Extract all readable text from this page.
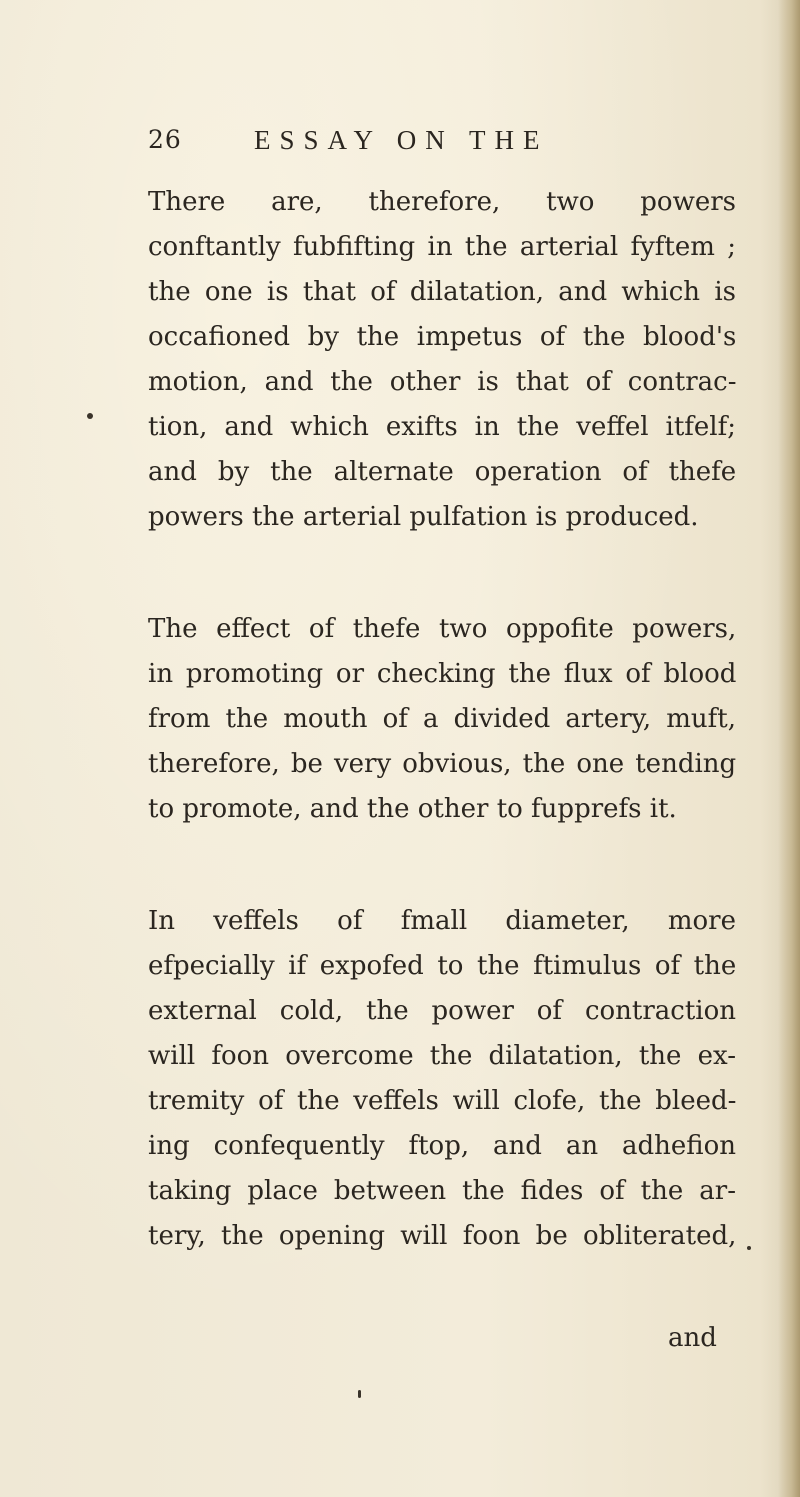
26	ESSAY ON THE

There are, therefore, two powers
conftantly fubfifting in the arterial fyftem ;
the one is that of dilatation, and which is
occafioned by the impetus of the blood's
motion, and the other is that of contrac-
tion, and which exifts in the veffel itfelf;
and by the alternate operation of thefe
powers the arterial pulfation is produced.

The effect of thefe two oppofite powers,
in promoting or checking the flux of blood
from the mouth of a divided artery, muft,
therefore, be very obvious, the one tending
to promote, and the other to fupprefs it.

In veffels of fmall diameter, more
efpecially if expofed to the ftimulus of the
external cold, the power of contraction
will foon overcome the dilatation, the ex-
tremity of the veffels will clofe, the bleed-
ing confequently ftop, and an adhefion
taking place between the fides of the ar-
tery, the opening will foon be obliterated,

and
